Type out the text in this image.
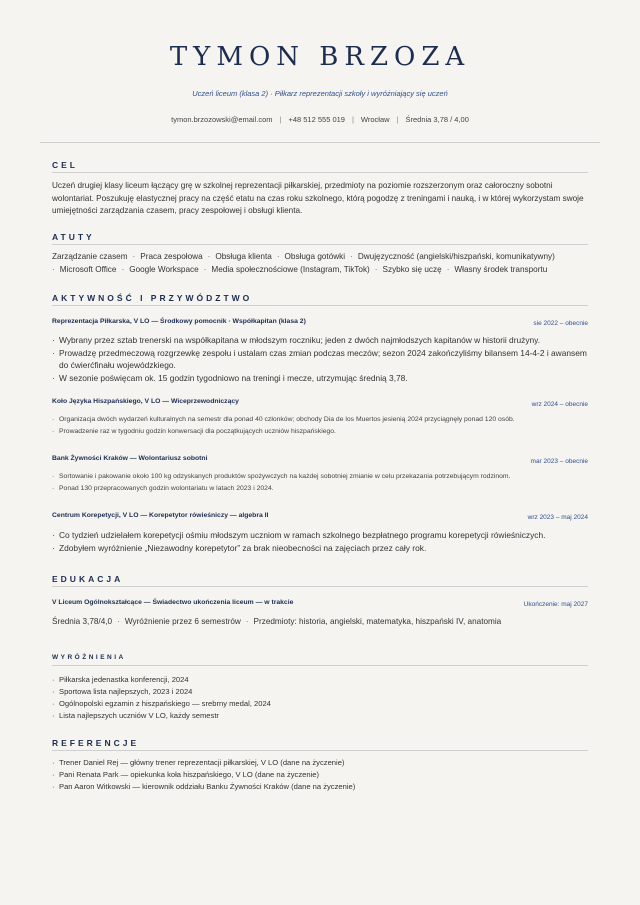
TYMON BRZOZA
Uczeń liceum (klasa 2) · Piłkarz reprezentacji szkoły i wyróżniający się uczeń
tymon.brzozowski@email.com | +48 512 555 019 | Wrocław | Średnia 3,78 / 4,00
CEL
Uczeń drugiej klasy liceum łączący grę w szkolnej reprezentacji piłkarskiej, przedmioty na poziomie rozszerzonym oraz całoroczny sobotni wolontariat. Poszukuję elastycznej pracy na część etatu na czas roku szkolnego, którą pogodzę z treningami i nauką, i w której wykorzystam swoje umiejętności zarządzania czasem, pracy zespołowej i obsługi klienta.
ATUTY
Zarządzanie czasem · Praca zespołowa · Obsługa klienta · Obsługa gotówki · Dwujęzyczność (angielski/hiszpański, komunikatywny)
· Microsoft Office · Google Workspace · Media społecznościowe (Instagram, TikTok) · Szybko się uczę · Własny środek transportu
AKTYWNOŚĆ I PRZYWÓDZTWO
Reprezentacja Piłkarska, V LO — Środkowy pomocnik · Współkapitan (klasa 2)	sie 2022 – obecnie
· Wybrany przez sztab trenerski na współkapitana w młodszym roczniku; jeden z dwóch najmłodszych kapitanów w historii drużyny.
· Prowadzę przedmeczową rozgrzewkę zespołu i ustalam czas zmian podczas meczów; sezon 2024 zakończyliśmy bilansem 14-4-2 i awansem do ćwierćfinału wojewódzkiego.
· W sezonie poświęcam ok. 15 godzin tygodniowo na treningi i mecze, utrzymując średnią 3,78.
Koło Języka Hiszpańskiego, V LO — Wiceprzewodniczący	wrz 2024 – obecnie
· Organizacja dwóch wydarzeń kulturalnych na semestr dla ponad 40 członków; obchody Dia de los Muertos jesienią 2024 przyciągnęły ponad 120 osób.
· Prowadzenie raz w tygodniu godzin konwersacji dla początkujących uczniów hiszpańskiego.
Bank Żywności Kraków — Wolontariusz sobotni	mar 2023 – obecnie
· Sortowanie i pakowanie około 100 kg odzyskanych produktów spożywczych na każdej sobotniej zmianie w celu przekazania potrzebującym rodzinom.
· Ponad 130 przepracowanych godzin wolontariatu w latach 2023 i 2024.
Centrum Korepetycji, V LO — Korepetytor rówieśniczy — algebra II	wrz 2023 – maj 2024
· Co tydzień udzielałem korepetycji ośmiu młodszym uczniom w ramach szkolnego bezpłatnego programu korepetycji rówieśniczych.
· Zdobyłem wyróżnienie „Niezawodny korepetytor” za brak nieobecności na zajęciach przez cały rok.
EDUKACJA
V Liceum Ogólnokształcące — Świadectwo ukończenia liceum — w trakcie	Ukończenie: maj 2027
Średnia 3,78/4,0 · Wyróżnienie przez 6 semestrów · Przedmioty: historia, angielski, matematyka, hiszpański IV, anatomia
WYRÓŻNIENIA
· Piłkarska jedenastka konferencji, 2024
· Sportowa lista najlepszych, 2023 i 2024
· Ogólnopolski egzamin z hiszpańskiego — srebrny medal, 2024
· Lista najlepszych uczniów V LO, każdy semestr
REFERENCJE
· Trener Daniel Rej — główny trener reprezentacji piłkarskiej, V LO (dane na życzenie)
· Pani Renata Park — opiekunka koła hiszpańskiego, V LO (dane na życzenie)
· Pan Aaron Witkowski — kierownik oddziału Banku Żywności Kraków (dane na życzenie)
